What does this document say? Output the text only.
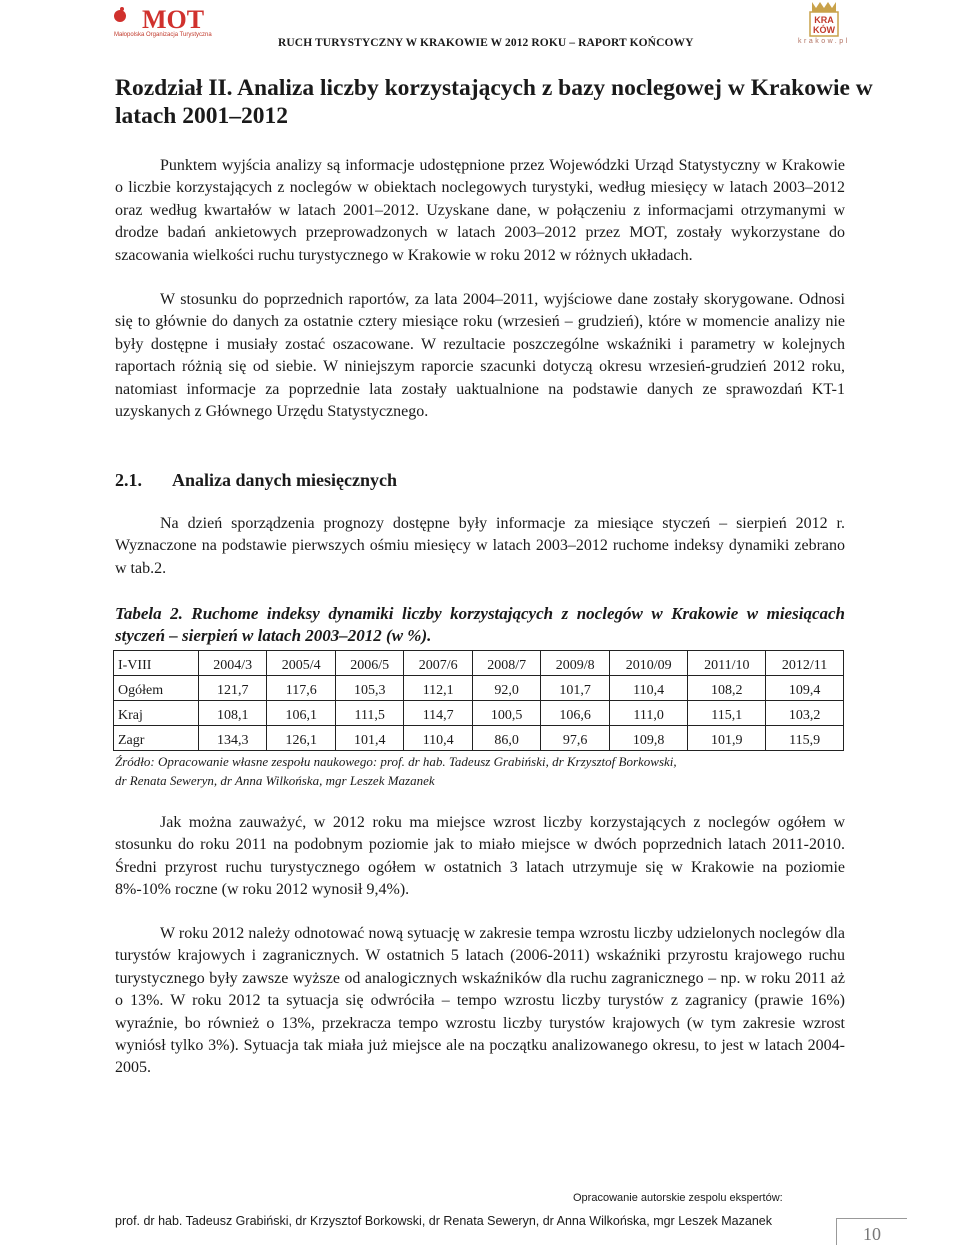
MOT
Małopolska Organizacja Turystyczna
RUCH TURYSTYCZNY W KRAKOWIE W 2012 ROKU – RAPORT KOŃCOWY
KRA
KÓW
krakow.pl
Rozdział II. Analiza liczby korzystających z bazy noclegowej w Krakowie w latach 2001–2012

Punktem wyjścia analizy są informacje udostępnione przez Wojewódzki Urząd Statystyczny w Krakowie o liczbie korzystających z noclegów w obiektach noclegowych turystyki, według miesięcy w latach 2003–2012 oraz według kwartałów w latach 2001–2012. Uzyskane dane, w połączeniu z informacjami otrzymanymi w drodze badań ankietowych przeprowadzonych w latach 2003–2012 przez MOT, zostały wykorzystane do szacowania wielkości ruchu turystycznego w Krakowie w roku 2012 w różnych układach.

W stosunku do poprzednich raportów, za lata 2004–2011, wyjściowe dane zostały skorygowane. Odnosi się to głównie do danych za ostatnie cztery miesiące roku (wrzesień – grudzień), które w momencie analizy nie były dostępne i musiały zostać oszacowane. W rezultacie poszczególne wskaźniki i parametry w kolejnych raportach różnią się od siebie. W niniejszym raporcie szacunki dotyczą okresu wrzesień-grudzień 2012 roku, natomiast informacje za poprzednie lata zostały uaktualnione na podstawie danych ze sprawozdań KT-1 uzyskanych z Głównego Urzędu Statystycznego.

2.1. Analiza danych miesięcznych

Na dzień sporządzenia prognozy dostępne były informacje za miesiące styczeń – sierpień 2012 r. Wyznaczone na podstawie pierwszych ośmiu miesięcy w latach 2003–2012 ruchome indeksy dynamiki zebrano w tab.2.

Tabela 2. Ruchome indeksy dynamiki liczby korzystających z noclegów w Krakowie w miesiącach styczeń – sierpień w latach 2003–2012 (w %).

I-VIII	2004/3	2005/4	2006/5	2007/6	2008/7	2009/8	2010/09	2011/10	2012/11
Ogółem	121,7	117,6	105,3	112,1	92,0	101,7	110,4	108,2	109,4
Kraj	108,1	106,1	111,5	114,7	100,5	106,6	111,0	115,1	103,2
Zagr	134,3	126,1	101,4	110,4	86,0	97,6	109,8	101,9	115,9
Źródło: Opracowanie własne zespołu naukowego: prof. dr hab. Tadeusz Grabiński, dr Krzysztof Borkowski,
dr Renata Seweryn, dr Anna Wilkońska, mgr Leszek Mazanek

Jak można zauważyć, w 2012 roku ma miejsce wzrost liczby korzystających z noclegów ogółem w stosunku do roku 2011 na podobnym poziomie jak to miało miejsce w dwóch poprzednich latach 2011-2010. Średni przyrost ruchu turystycznego ogółem w ostatnich 3 latach utrzymuje się w Krakowie na poziomie 8%-10% roczne (w roku 2012 wynosił 9,4%).

W roku 2012 należy odnotować nową sytuację w zakresie tempa wzrostu liczby udzielonych noclegów dla turystów krajowych i zagranicznych. W ostatnich 5 latach (2006-2011) wskaźniki przyrostu krajowego ruchu turystycznego były zawsze wyższe od analogicznych wskaźników dla ruchu zagranicznego – np. w roku 2011 aż o 13%. W roku 2012 ta sytuacja się odwróciła – tempo wzrostu liczby turystów z zagranicy (prawie 16%) wyraźnie, bo również o 13%, przekracza tempo wzrostu liczby turystów krajowych (w tym zakresie wzrost wyniósł tylko 3%). Sytuacja tak miała już miejsce ale na początku analizowanego okresu, to jest w latach 2004-2005.

Opracowanie autorskie zespolu ekspertów:
prof. dr hab. Tadeusz Grabiński, dr Krzysztof Borkowski, dr Renata Seweryn, dr Anna Wilkońska, mgr Leszek Mazanek
10
